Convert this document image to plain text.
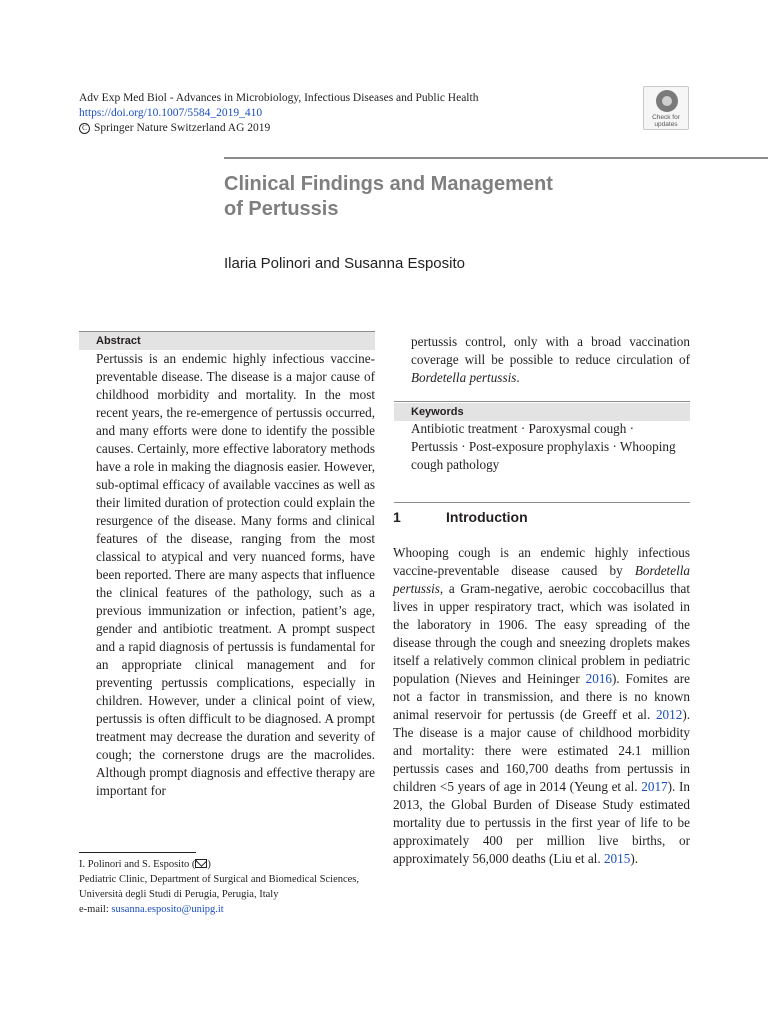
Adv Exp Med Biol - Advances in Microbiology, Infectious Diseases and Public Health
https://doi.org/10.1007/5584_2019_410
C Springer Nature Switzerland AG 2019
Check for
updates
Clinical Findings and Management
of Pertussis
Ilaria Polinori and Susanna Esposito
Abstract

Pertussis is an endemic highly infectious vaccine-preventable disease. The disease is a major cause of childhood morbidity and mortality. In the most recent years, the re-emergence of pertussis occurred, and many efforts were done to identify the possible causes. Certainly, more effective laboratory methods have a role in making the diagnosis easier. However, sub-optimal efficacy of available vaccines as well as their limited duration of protection could explain the resurgence of the disease. Many forms and clinical features of the disease, ranging from the most classical to atypical and very nuanced forms, have been reported. There are many aspects that influence the clinical features of the pathology, such as a previous immunization or infection, patient’s age, gender and antibiotic treatment. A prompt suspect and a rapid diagnosis of pertussis is fundamental for an appropriate clinical management and for preventing pertussis complications, especially in children. However, under a clinical point of view, pertussis is often difficult to be diagnosed. A prompt treatment may decrease the duration and severity of cough; the cornerstone drugs are the macrolides. Although prompt diagnosis and effective therapy are important for

pertussis control, only with a broad vaccination coverage will be possible to reduce circulation of Bordetella pertussis.

Keywords

Antibiotic treatment · Paroxysmal cough · Pertussis · Post-exposure prophylaxis · Whooping cough pathology

1	Introduction

Whooping cough is an endemic highly infectious vaccine-preventable disease caused by Bordetella pertussis, a Gram-negative, aerobic coccobacillus that lives in upper respiratory tract, which was isolated in the laboratory in 1906. The easy spreading of the disease through the cough and sneezing droplets makes itself a relatively common clinical problem in pediatric population (Nieves and Heininger 2016). Fomites are not a factor in transmission, and there is no known animal reservoir for pertussis (de Greeff et al. 2012). The disease is a major cause of childhood morbidity and mortality: there were estimated 24.1 million pertussis cases and 160,700 deaths from pertussis in children <5 years of age in 2014 (Yeung et al. 2017). In 2013, the Global Burden of Disease Study estimated mortality due to pertussis in the first year of life to be approximately 400 per million live births, or approximately 56,000 deaths (Liu et al. 2015).

I. Polinori and S. Esposito ( )
Pediatric Clinic, Department of Surgical and Biomedical Sciences, Università degli Studi di Perugia, Perugia, Italy
e-mail: susanna.esposito@unipg.it
